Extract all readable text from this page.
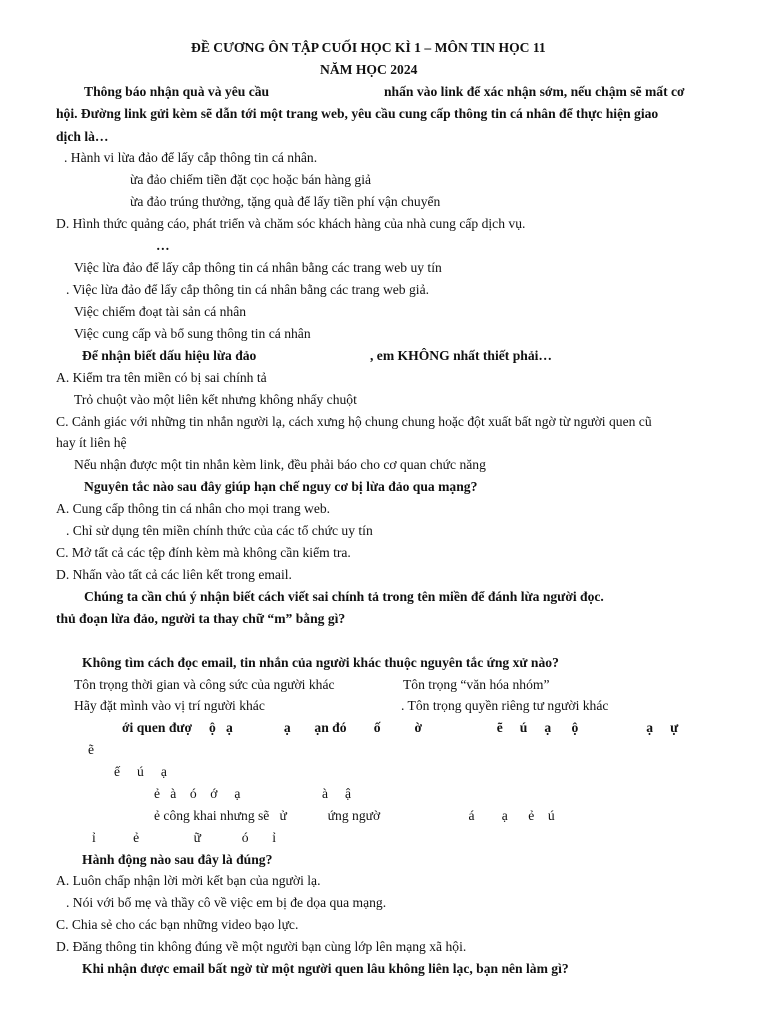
ĐỀ CƯƠNG ÔN TẬP CUỐI HỌC KÌ 1 – MÔN TIN HỌC 11
NĂM HỌC 2024
Thông báo nhận quà và yêu cầu	nhấn vào link để xác nhận sớm, nếu chậm sẽ mất cơ
hội. Đường link gửi kèm sẽ dẫn tới một trang web, yêu cầu cung cấp thông tin cá nhân để thực hiện giao
dịch là…
. Hành vi lừa đảo để lấy cắp thông tin cá nhân.
ừa đảo chiếm tiền đặt cọc hoặc bán hàng giả
ừa đảo trúng thưởng, tặng quà để lấy tiền phí vận chuyển
D. Hình thức quảng cáo, phát triển và chăm sóc khách hàng của nhà cung cấp dịch vụ.
…
Việc lừa đảo để lấy cắp thông tin cá nhân bằng các trang web uy tín
. Việc lừa đảo để lấy cắp thông tin cá nhân bằng các trang web giả.
Việc chiếm đoạt tài sản cá nhân
Việc cung cấp và bổ sung thông tin cá nhân
Để nhận biết dấu hiệu lừa đảo	, em KHÔNG nhất thiết phải…
A. Kiểm tra tên miền có bị sai chính tả
Trỏ chuột vào một liên kết nhưng không nhấy chuột
C. Cảnh giác với những tin nhắn người lạ, cách xưng hộ chung chung hoặc đột xuất bất ngờ từ người quen cũ
hay ít liên hệ
Nếu nhận được một tin nhắn kèm link, đều phải báo cho cơ quan chức năng
Nguyên tắc nào sau đây giúp hạn chế nguy cơ bị lừa đảo qua mạng?
A. Cung cấp thông tin cá nhân cho mọi trang web.
. Chỉ sử dụng tên miền chính thức của các tổ chức uy tín
C. Mở tất cả các tệp đính kèm mà không cần kiểm tra.
D. Nhấn vào tất cả các liên kết trong email.
Chúng ta cần chú ý nhận biết cách viết sai chính tả trong tên miền để đánh lừa người đọc.
thủ đoạn lừa đảo, người ta thay chữ “m” bằng gì?
Không tìm cách đọc email, tin nhắn của người khác thuộc nguyên tắc ứng xử nào?
Tôn trọng thời gian và công sức của người khác	Tôn trọng “văn hóa nhóm”
Hãy đặt mình vào vị trí người khác	. Tôn trọng quyền riêng tư người khác
ới quen đượ     ộ   ạ               ạ       ạn đó        ố          ờ                      ẽ     ú     ạ      ộ                    ạ     ự
ẽ
ế     ú     ạ
ẻ   à    ó    ớ     ạ                        à     ậ
ẻ công khai nhưng sẽ   ử            ứng ngườ                          á        ạ      ẻ    ú
ỉ           ẻ                ữ            ó       ỉ
Hành động nào sau đây là đúng?
A. Luôn chấp nhận lời mời kết bạn của người lạ.
. Nói với bố mẹ và thầy cô về việc em bị đe dọa qua mạng.
C. Chia sẻ cho các bạn những video bạo lực.
D. Đăng thông tin không đúng về một người bạn cùng lớp lên mạng xã hội.
Khi nhận được email bất ngờ từ một người quen lâu không liên lạc, bạn nên làm gì?
